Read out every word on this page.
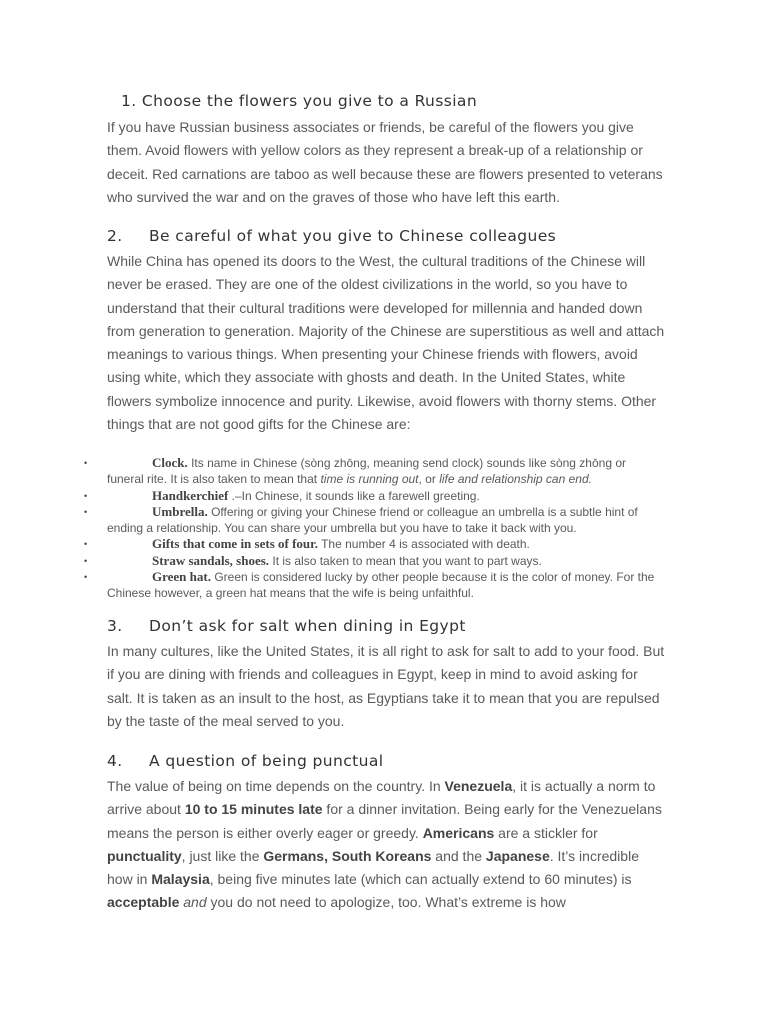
1. Choose the flowers you give to a Russian

If you have Russian business associates or friends, be careful of the flowers you give them. Avoid flowers with yellow colors as they represent a break-up of a relationship or deceit. Red carnations are taboo as well because these are flowers presented to veterans who survived the war and on the graves of those who have left this earth.

2. Be careful of what you give to Chinese colleagues

While China has opened its doors to the West, the cultural traditions of the Chinese will never be erased. They are one of the oldest civilizations in the world, so you have to understand that their cultural traditions were developed for millennia and handed down from generation to generation. Majority of the Chinese are superstitious as well and attach meanings to various things. When presenting your Chinese friends with flowers, avoid using white, which they associate with ghosts and death. In the United States, white flowers symbolize innocence and purity. Likewise, avoid flowers with thorny stems. Other things that are not good gifts for the Chinese are:

•	Clock. Its name in Chinese (sòng zhōng, meaning send clock) sounds like sòng zhōng or funeral rite. It is also taken to mean that time is running out, or life and relationship can end.
•	Handkerchief .–In Chinese, it sounds like a farewell greeting.
•	Umbrella. Offering or giving your Chinese friend or colleague an umbrella is a subtle hint of ending a relationship. You can share your umbrella but you have to take it back with you.
•	Gifts that come in sets of four. The number 4 is associated with death.
•	Straw sandals, shoes. It is also taken to mean that you want to part ways.
•	Green hat. Green is considered lucky by other people because it is the color of money. For the Chinese however, a green hat means that the wife is being unfaithful.
3. Don’t ask for salt when dining in Egypt

In many cultures, like the United States, it is all right to ask for salt to add to your food. But if you are dining with friends and colleagues in Egypt, keep in mind to avoid asking for salt. It is taken as an insult to the host, as Egyptians take it to mean that you are repulsed by the taste of the meal served to you.

4. A question of being punctual

The value of being on time depends on the country. In Venezuela, it is actually a norm to arrive about 10 to 15 minutes late for a dinner invitation. Being early for the Venezuelans means the person is either overly eager or greedy. Americans are a stickler for punctuality, just like the Germans, South Koreans and the Japanese. It’s incredible how in Malaysia, being five minutes late (which can actually extend to 60 minutes) is acceptable and you do not need to apologize, too. What’s extreme is how
